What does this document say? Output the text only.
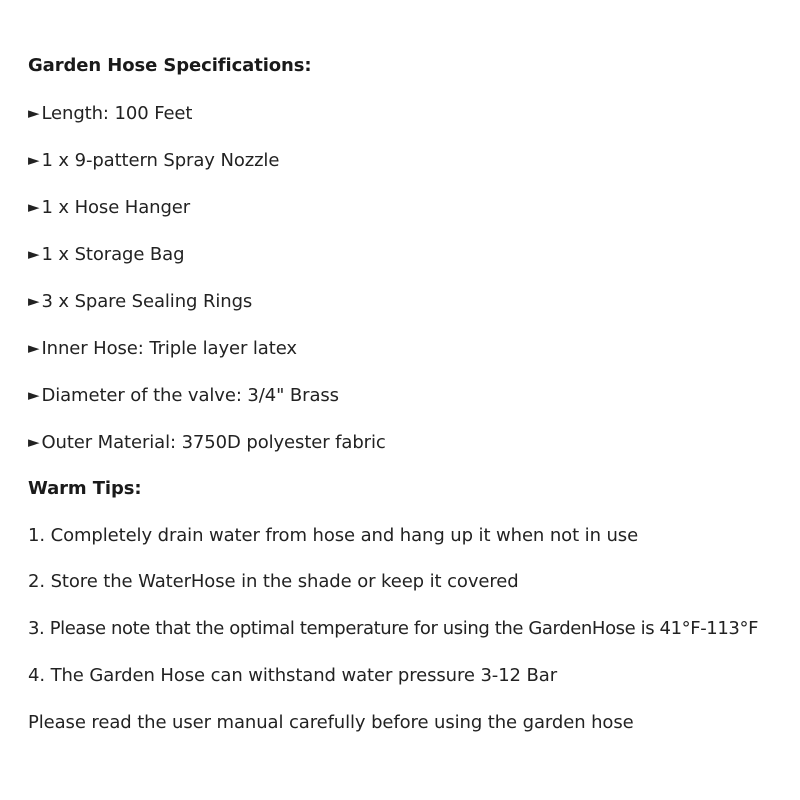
Garden Hose Specifications:
► Length: 100 Feet
► 1 x 9-pattern Spray Nozzle
► 1 x Hose Hanger
► 1 x Storage Bag
► 3 x Spare Sealing Rings
► Inner Hose: Triple layer latex
► Diameter of the valve: 3/4" Brass
► Outer Material: 3750D polyester fabric
Warm Tips:
1. Completely drain water from hose and hang up it when not in use
2. Store the WaterHose in the shade or keep it covered
3. Please note that the optimal temperature for using the GardenHose is 41°F-113°F
4. The Garden Hose can withstand water pressure 3-12 Bar
Please read the user manual carefully before using the garden hose
